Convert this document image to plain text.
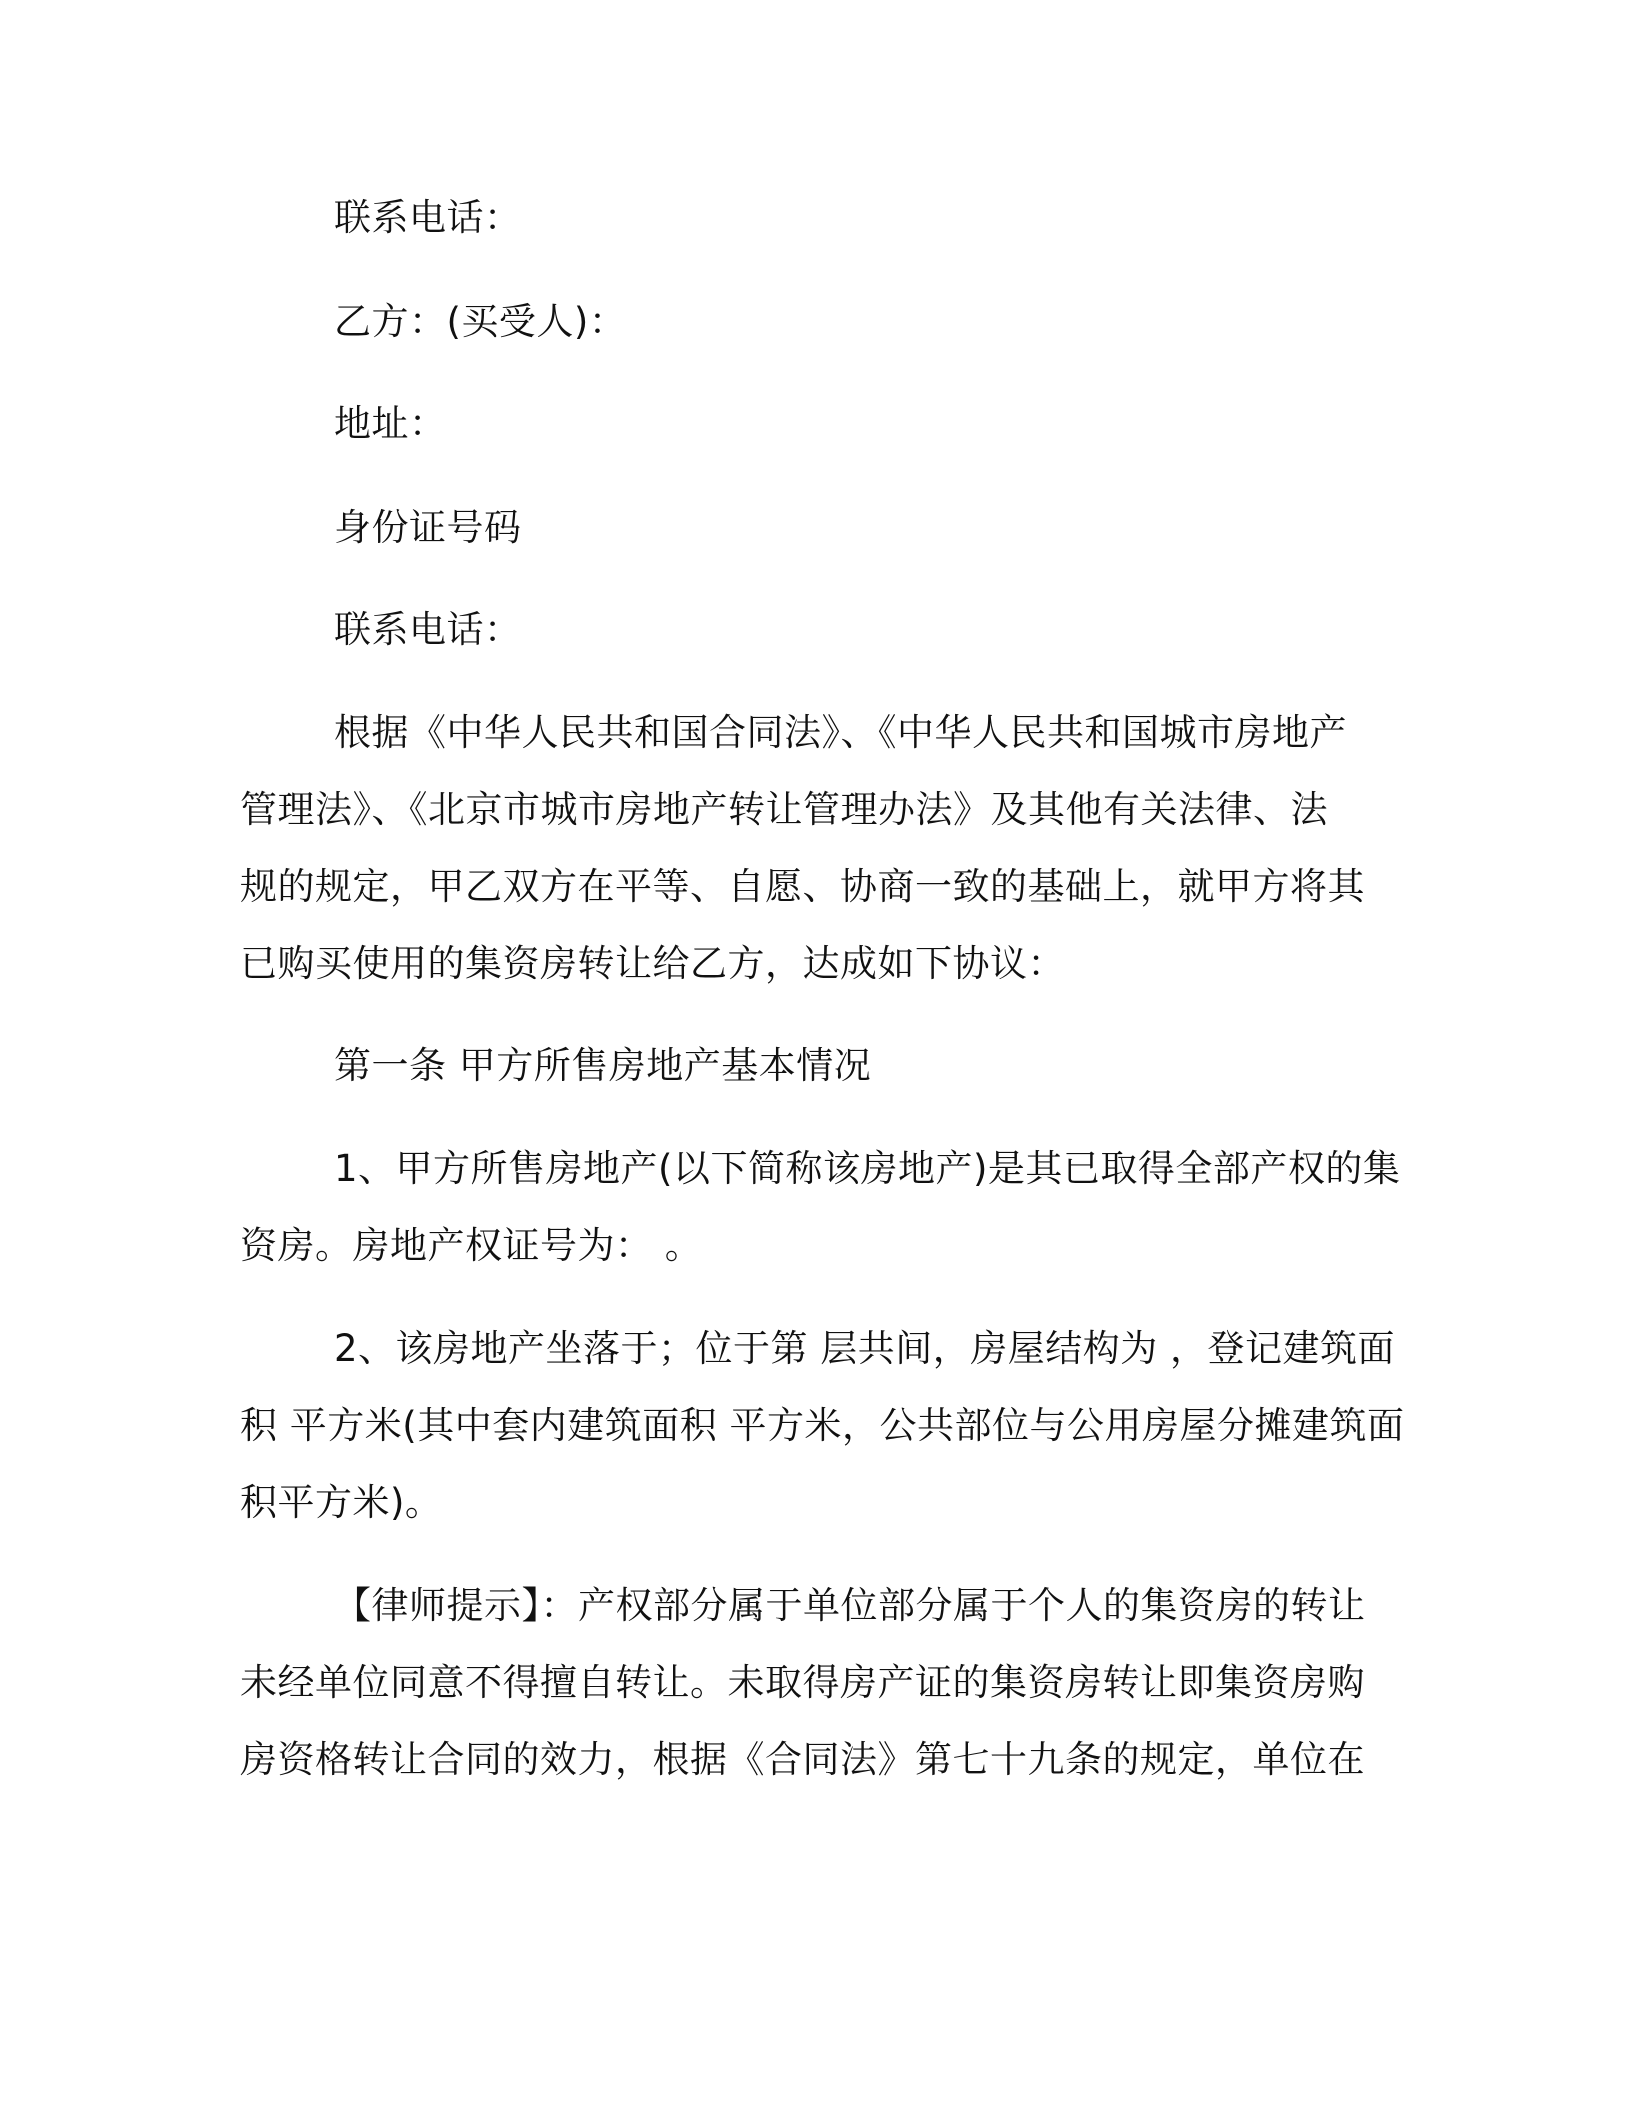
联系电话：
乙方：(买受人)：
地址：
身份证号码
联系电话：
根据《中华人民共和国合同法》、《中华人民共和国城市房地产
管理法》、《北京市城市房地产转让管理办法》及其他有关法律、法
规的规定，甲乙双方在平等、自愿、协商一致的基础上，就甲方将其
已购买使用的集资房转让给乙方，达成如下协议：
第一条 甲方所售房地产基本情况
1、甲方所售房地产(以下简称该房地产)是其已取得全部产权的集
资房。房地产权证号为： 。
2、该房地产坐落于；位于第 层共间，房屋结构为 ，登记建筑面
积 平方米(其中套内建筑面积 平方米，公共部位与公用房屋分摊建筑面
积平方米)。
【律师提示】：产权部分属于单位部分属于个人的集资房的转让
未经单位同意不得擅自转让。未取得房产证的集资房转让即集资房购
房资格转让合同的效力，根据《合同法》第七十九条的规定，单位在
